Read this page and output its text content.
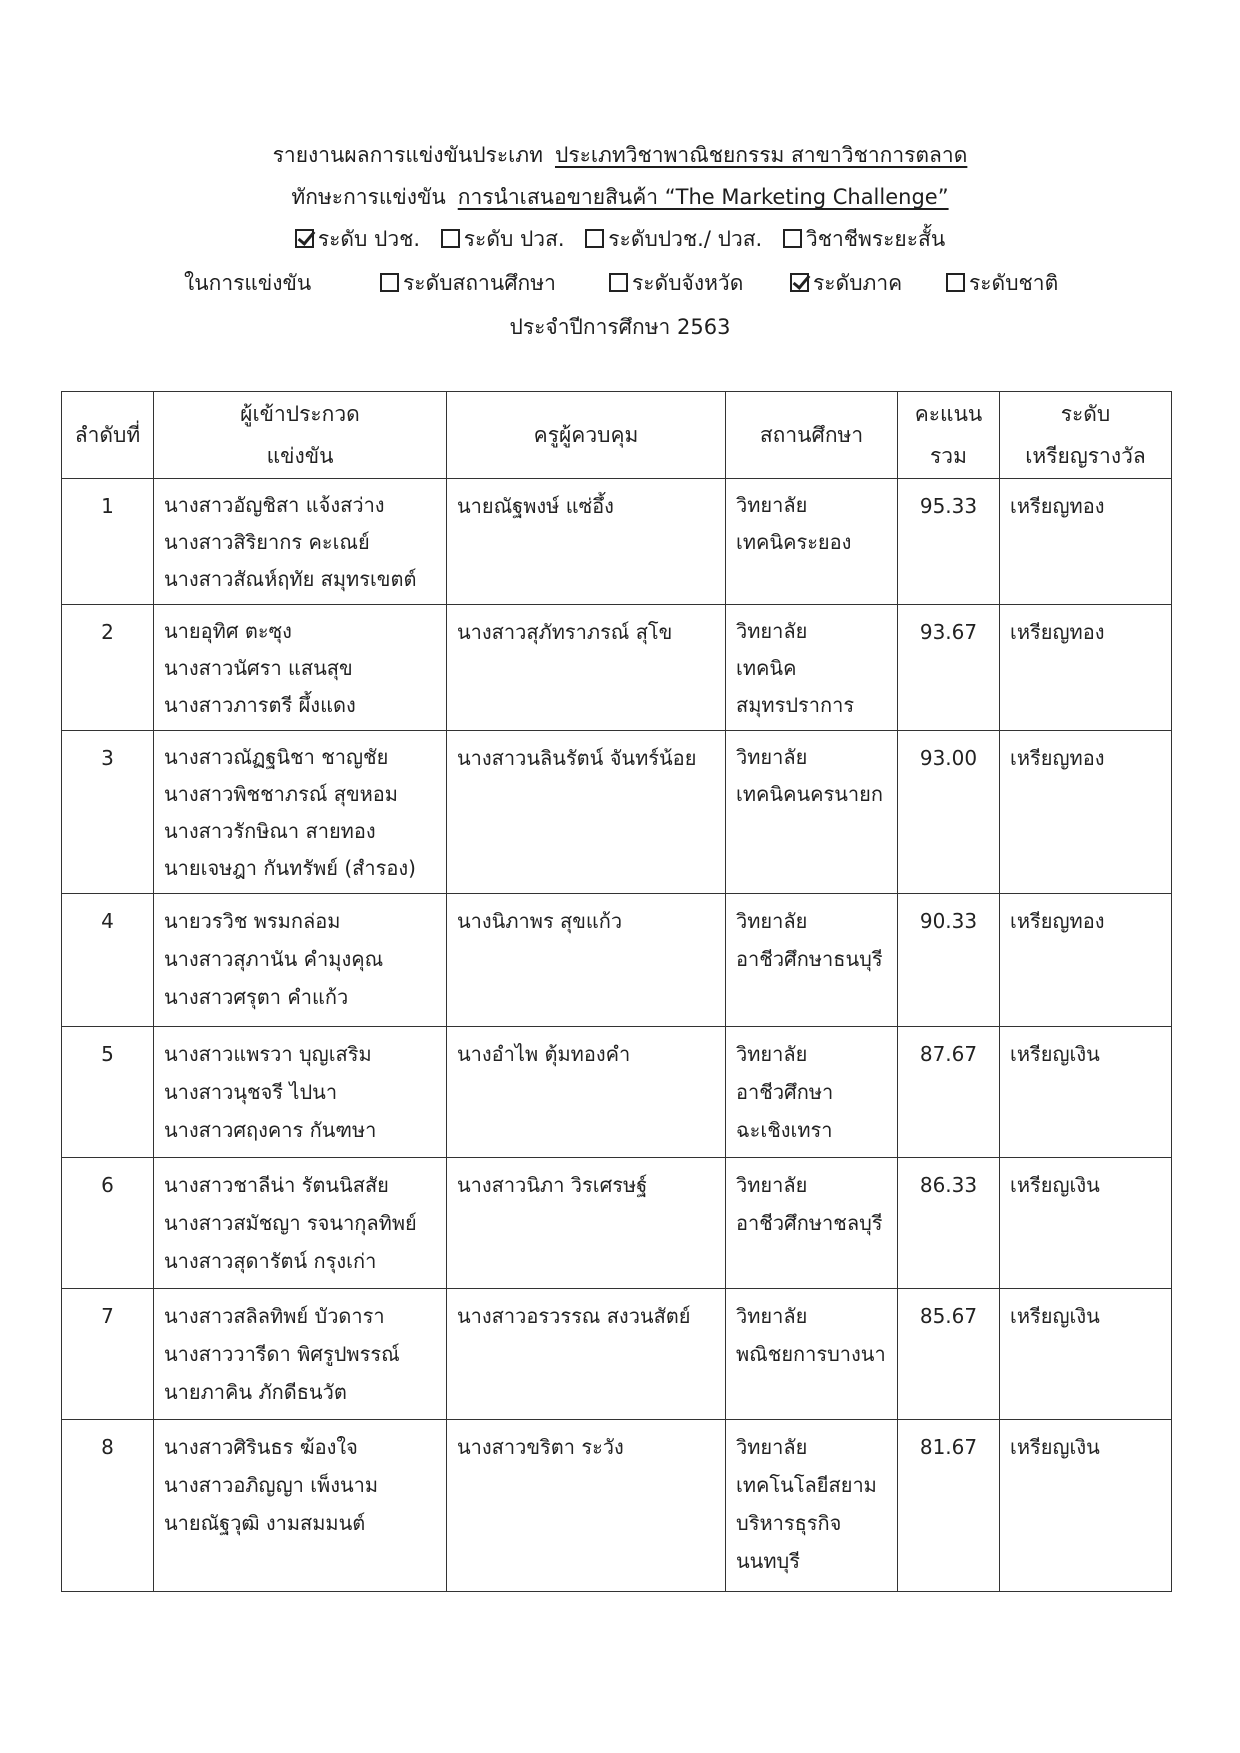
รายงานผลการแข่งขันประเภท ประเภทวิชาพาณิชยกรรม สาขาวิชาการตลาด
ทักษะการแข่งขัน การนำเสนอขายสินค้า “The Marketing Challenge”
ระดับ ปวช. ระดับ ปวส. ระดับปวช./ ปวส. วิชาชีพระยะสั้น
ในการแข่งขัน	ระดับสถานศึกษา	ระดับจังหวัด	ระดับภาค	ระดับชาติ
ประจำปีการศึกษา 2563
ลำดับที่	ผู้เข้าประกวด
แข่งขัน	ครูผู้ควบคุม	สถานศึกษา	คะแนน
รวม	ระดับ
เหรียญรางวัล

1	นางสาวอัญชิสา แจ้งสว่าง
นางสาวสิริยากร คะเณย์
นางสาวสัณห์ฤทัย สมุทรเขตต์	นายณัฐพงษ์ แซ่อึ้ง	วิทยาลัย
เทคนิคระยอง	95.33	เหรียญทอง

2	นายอุทิศ ตะซุง
นางสาวนัศรา แสนสุข
นางสาวภารตรี ผึ้งแดง	นางสาวสุภัทราภรณ์ สุโข	วิทยาลัย
เทคนิค
สมุทรปราการ	93.67	เหรียญทอง

3	นางสาวณัฏฐนิชา ชาญชัย
นางสาวพิชชาภรณ์ สุขหอม
นางสาวรักษิณา สายทอง
นายเจษฎา กันทรัพย์ (สำรอง)	นางสาวนลินรัตน์ จันทร์น้อย	วิทยาลัย
เทคนิคนครนายก	93.00	เหรียญทอง

4	นายวรวิช พรมกล่อม
นางสาวสุภานัน คำมุงคุณ
นางสาวศรุตา คำแก้ว	นางนิภาพร สุขแก้ว	วิทยาลัย
อาชีวศึกษาธนบุรี	90.33	เหรียญทอง

5	นางสาวแพรวา บุญเสริม
นางสาวนุชจรี ไปนา
นางสาวศฤงคาร กันฑษา	นางอำไพ ตุ้มทองคำ	วิทยาลัย
อาชีวศึกษา
ฉะเชิงเทรา	87.67	เหรียญเงิน

6	นางสาวชาลีน่า รัตนนิสสัย
นางสาวสมัชญา รจนากุลทิพย์
นางสาวสุดารัตน์ กรุงเก่า	นางสาวนิภา วิรเศรษฐ์	วิทยาลัย
อาชีวศึกษาชลบุรี	86.33	เหรียญเงิน

7	นางสาวสลิลทิพย์ บัวดารา
นางสาววารีดา พิศรูปพรรณ์
นายภาคิน ภักดีธนวัต	นางสาวอรวรรณ สงวนสัตย์	วิทยาลัย
พณิชยการบางนา	85.67	เหรียญเงิน

8	นางสาวศิรินธร ฆ้องใจ
นางสาวอภิญญา เพ็งนาม
นายณัฐวุฒิ งามสมมนต์	นางสาวขริตา ระวัง	วิทยาลัย
เทคโนโลยีสยาม
บริหารธุรกิจ
นนทบุรี	81.67	เหรียญเงิน
